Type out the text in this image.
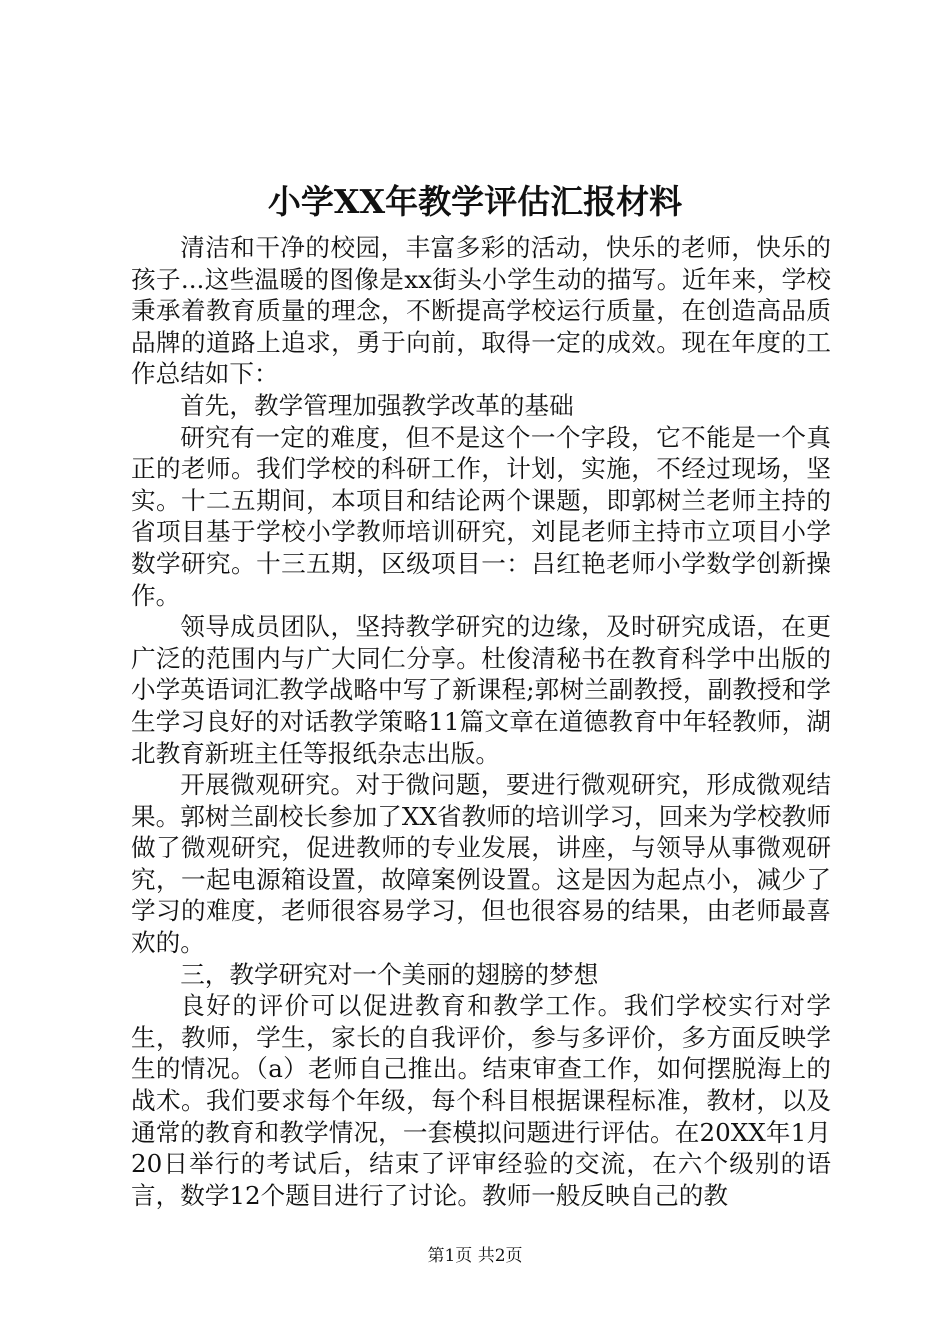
小学XX年教学评估汇报材料

清洁和干净的校园，丰富多彩的活动，快乐的老师，快乐的孩子...这些温暖的图像是xx街头小学生动的描写。近年来，学校秉承着教育质量的理念，不断提高学校运行质量，在创造高品质品牌的道路上追求，勇于向前，取得一定的成效。现在年度的工作总结如下：

首先，教学管理加强教学改革的基础

研究有一定的难度，但不是这个一个字段，它不能是一个真正的老师。我们学校的科研工作，计划，实施，不经过现场，坚实。十二五期间，本项目和结论两个课题，即郭树兰老师主持的省项目基于学校小学教师培训研究，刘昆老师主持市立项目小学数学研究。十三五期，区级项目一：吕红艳老师小学数学创新操作。

领导成员团队，坚持教学研究的边缘，及时研究成语，在更广泛的范围内与广大同仁分享。杜俊清秘书在教育科学中出版的小学英语词汇教学战略中写了新课程;郭树兰副教授，副教授和学生学习良好的对话教学策略11篇文章在道德教育中年轻教师，湖北教育新班主任等报纸杂志出版。

开展微观研究。对于微问题，要进行微观研究，形成微观结果。郭树兰副校长参加了XX省教师的培训学习，回来为学校教师做了微观研究，促进教师的专业发展，讲座，与领导从事微观研究，一起电源箱设置，故障案例设置。这是因为起点小，减少了学习的难度，老师很容易学习，但也很容易的结果，由老师最喜欢的。

三，教学研究对一个美丽的翅膀的梦想

良好的评价可以促进教育和教学工作。我们学校实行对学生，教师，学生，家长的自我评价，参与多评价，多方面反映学生的情况。（a）老师自己推出。结束审查工作，如何摆脱海上的战术。我们要求每个年级，每个科目根据课程标准，教材，以及通常的教育和教学情况，一套模拟问题进行评估。在20XX年1月20日举行的考试后，结束了评审经验的交流，在六个级别的语言，数学12个题目进行了讨论。教师一般反映自己的教

第1页 共2页
